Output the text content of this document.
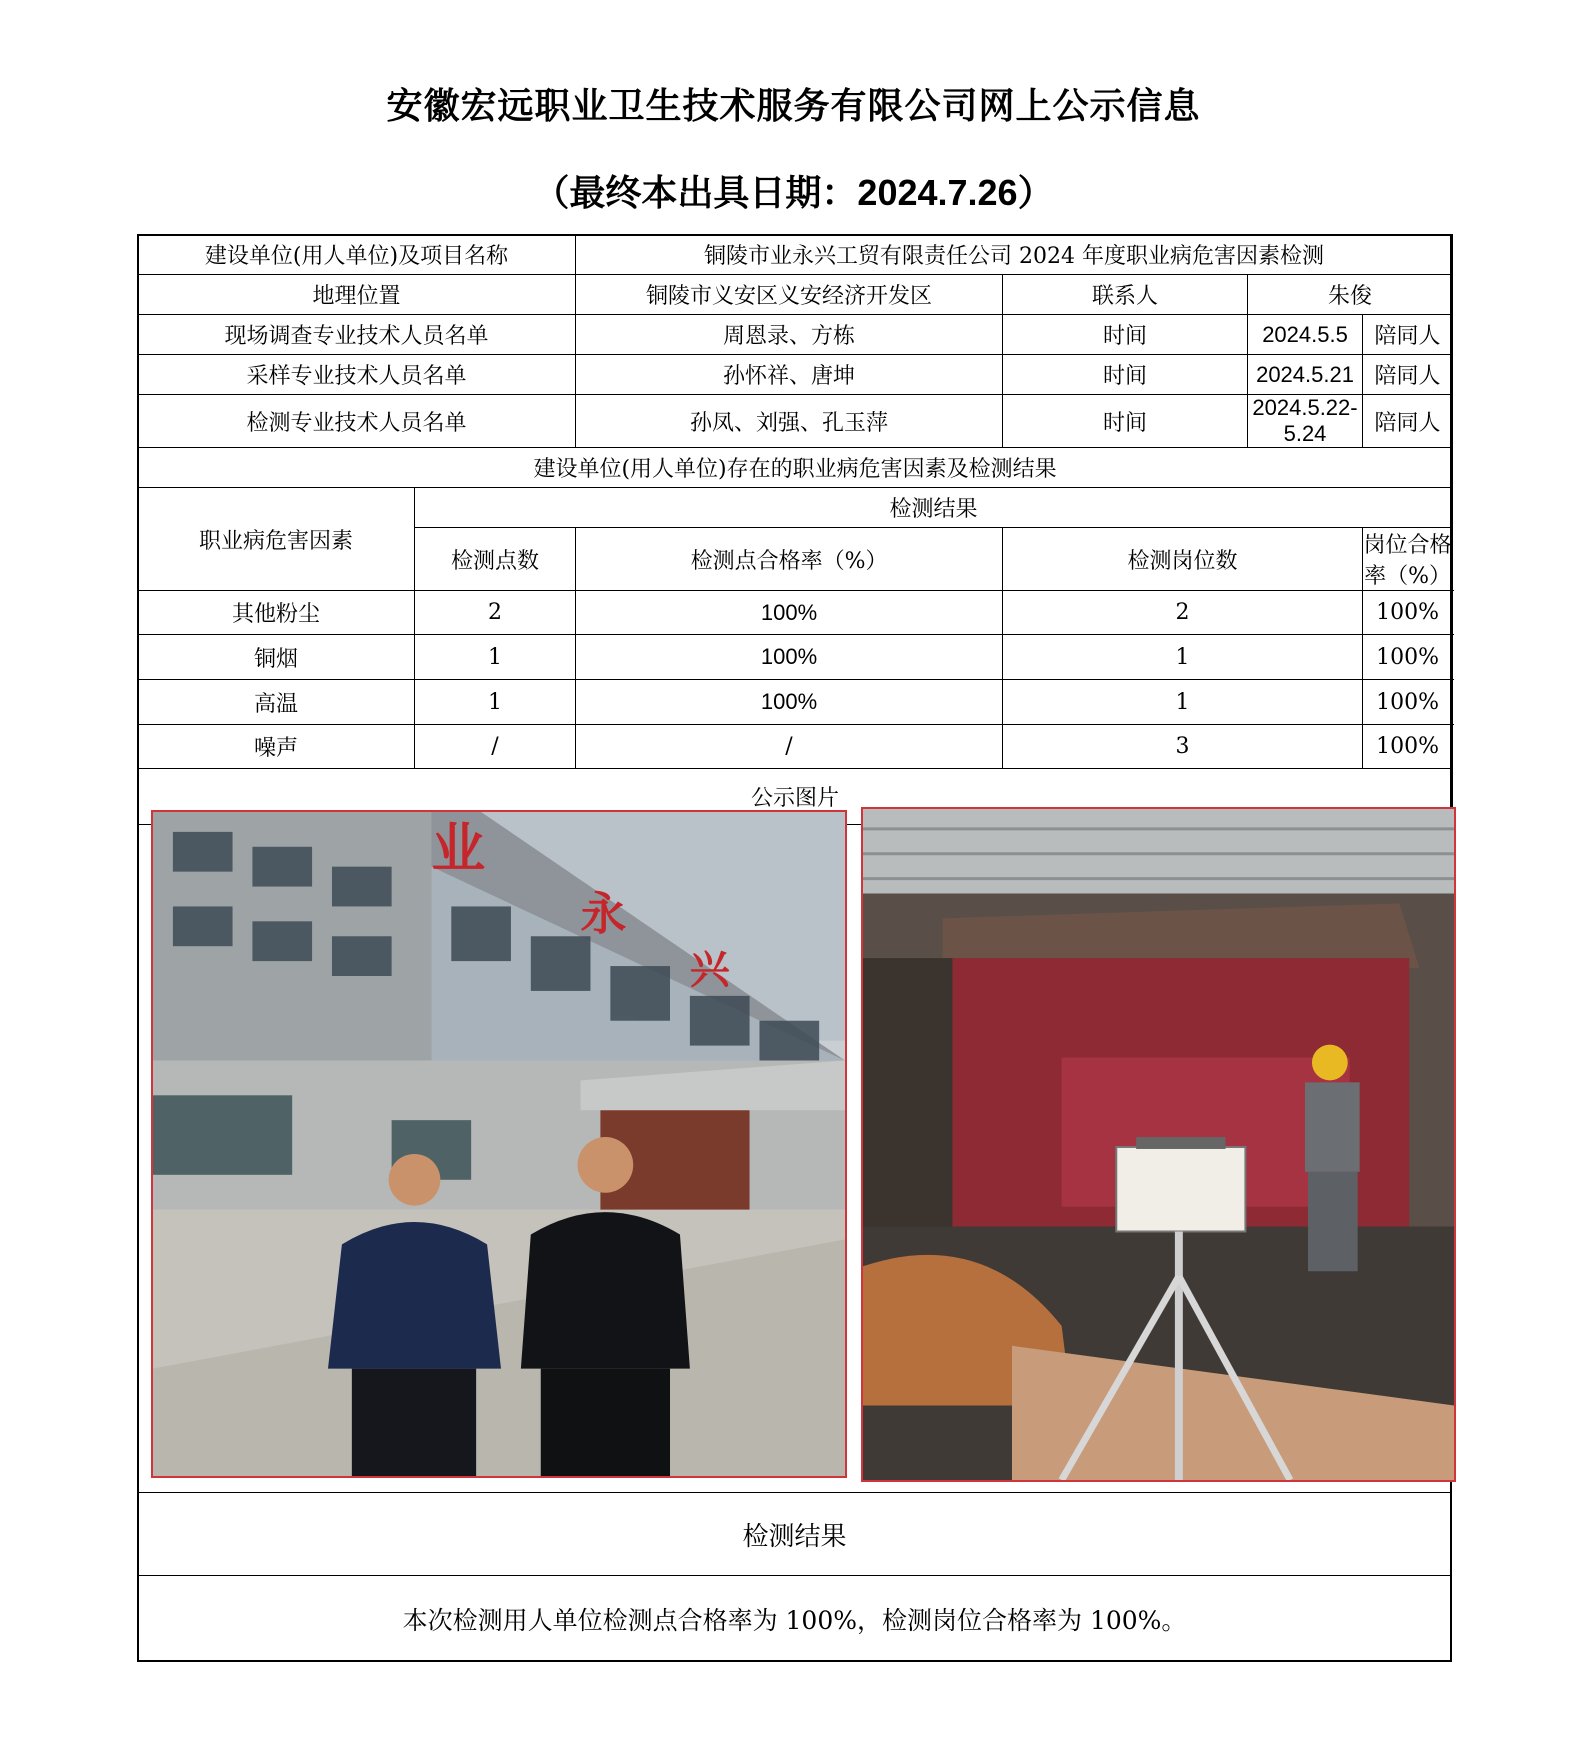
安徽宏远职业卫生技术服务有限公司网上公示信息
（最终本出具日期：2024.7.26）
建设单位(用人单位)及项目名称		铜陵市业永兴工贸有限责任公司 2024 年度职业病危害因素检测				
地理位置		铜陵市义安区义安经济开发区	联系人	朱俊		
现场调查专业技术人员名单		周恩录、方栋	时间	2024.5.5	陪同人	
采样专业技术人员名单		孙怀祥、唐坤	时间	2024.5.21	陪同人	
检测专业技术人员名单		孙凤、刘强、孔玉萍	时间	2024.5.22-5.24	陪同人	
建设单位(用人单位)存在的职业病危害因素及检测结果						
职业病危害因素	检测结果					
	检测点数	检测点合格率（%）	检测岗位数		岗位合格率（%）	
其他粉尘	2	100%	2		100%	
铜烟	1	100%	1		100%	
高温	1	100%	1		100%	
噪声	/	/	3		100%	
公示图片						
业
永
兴
检测结果
本次检测用人单位检测点合格率为 100%，检测岗位合格率为 100%。
